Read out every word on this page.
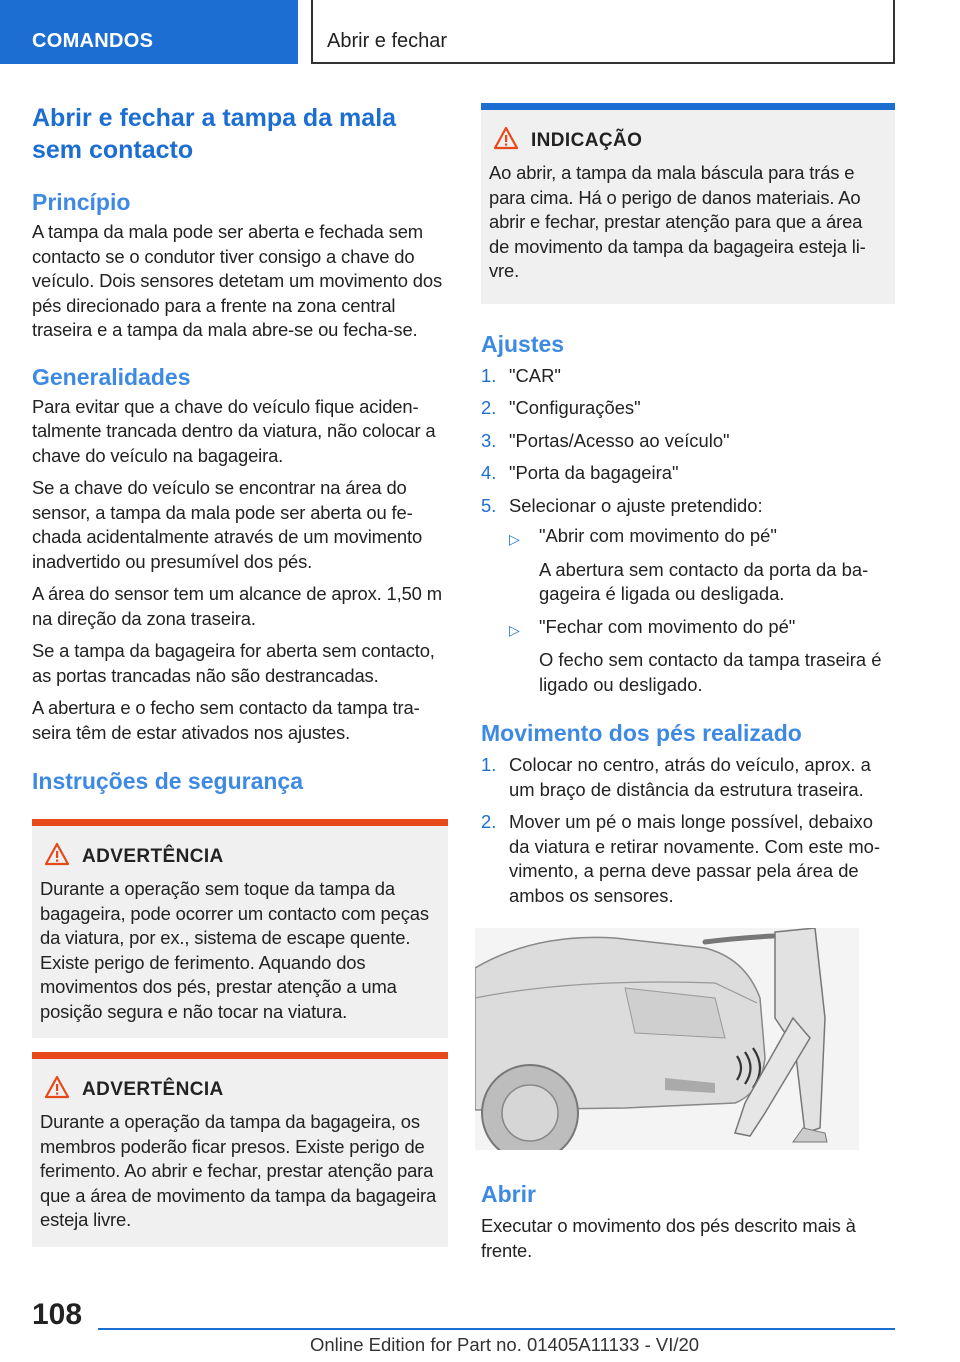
COMANDOS	Abrir e fechar
Abrir e fechar a tampa da mala sem contacto
Princípio

A tampa da mala pode ser aberta e fechada sem contacto se o condutor tiver consigo a chave do veículo. Dois sensores detetam um movimento dos pés direcionado para a frente na zona central traseira e a tampa da mala abre-se ou fecha-se.

Generalidades

Para evitar que a chave do veículo fique acidentalmente trancada dentro da viatura, não colocar a chave do veículo na bagageira.

Se a chave do veículo se encontrar na área do sensor, a tampa da mala pode ser aberta ou fechada acidentalmente através de um movimento inadvertido ou presumível dos pés.

A área do sensor tem um alcance de aprox. 1,50 m na direção da zona traseira.

Se a tampa da bagageira for aberta sem contacto, as portas trancadas não são destrancadas.

A abertura e o fecho sem contacto da tampa traseira têm de estar ativados nos ajustes.

Instruções de segurança
ADVERTÊNCIA

Durante a operação sem toque da tampa da bagageira, pode ocorrer um contacto com peças da viatura, por ex., sistema de escape quente. Existe perigo de ferimento. Aquando dos movimentos dos pés, prestar atenção a uma posição segura e não tocar na viatura.

ADVERTÊNCIA

Durante a operação da tampa da bagageira, os membros poderão ficar presos. Existe perigo de ferimento. Ao abrir e fechar, prestar atenção para que a área de movimento da tampa da bagageira esteja livre.

INDICAÇÃO

Ao abrir, a tampa da mala báscula para trás e para cima. Há o perigo de danos materiais. Ao abrir e fechar, prestar atenção para que a área de movimento da tampa da bagageira esteja livre.

Ajustes
1. "CAR"
2. "Configurações"
3. "Portas/Acesso ao veículo"
4. "Porta da bagageira"
5. Selecionar o ajuste pretendido:
▷	"Abrir com movimento do pé"

A abertura sem contacto da porta da bagageira é ligada ou desligada.

▷	"Fechar com movimento do pé"

O fecho sem contacto da tampa traseira é ligado ou desligado.

Movimento dos pés realizado
1. Colocar no centro, atrás do veículo, aprox. a um braço de distância da estrutura traseira.
2. Mover um pé o mais longe possível, debaixo da viatura e retirar novamente. Com este movimento, a perna deve passar pela área de ambos os sensores.
Abrir

Executar o movimento dos pés descrito mais à frente.

108
Online Edition for Part no. 01405A11133 - VI/20
